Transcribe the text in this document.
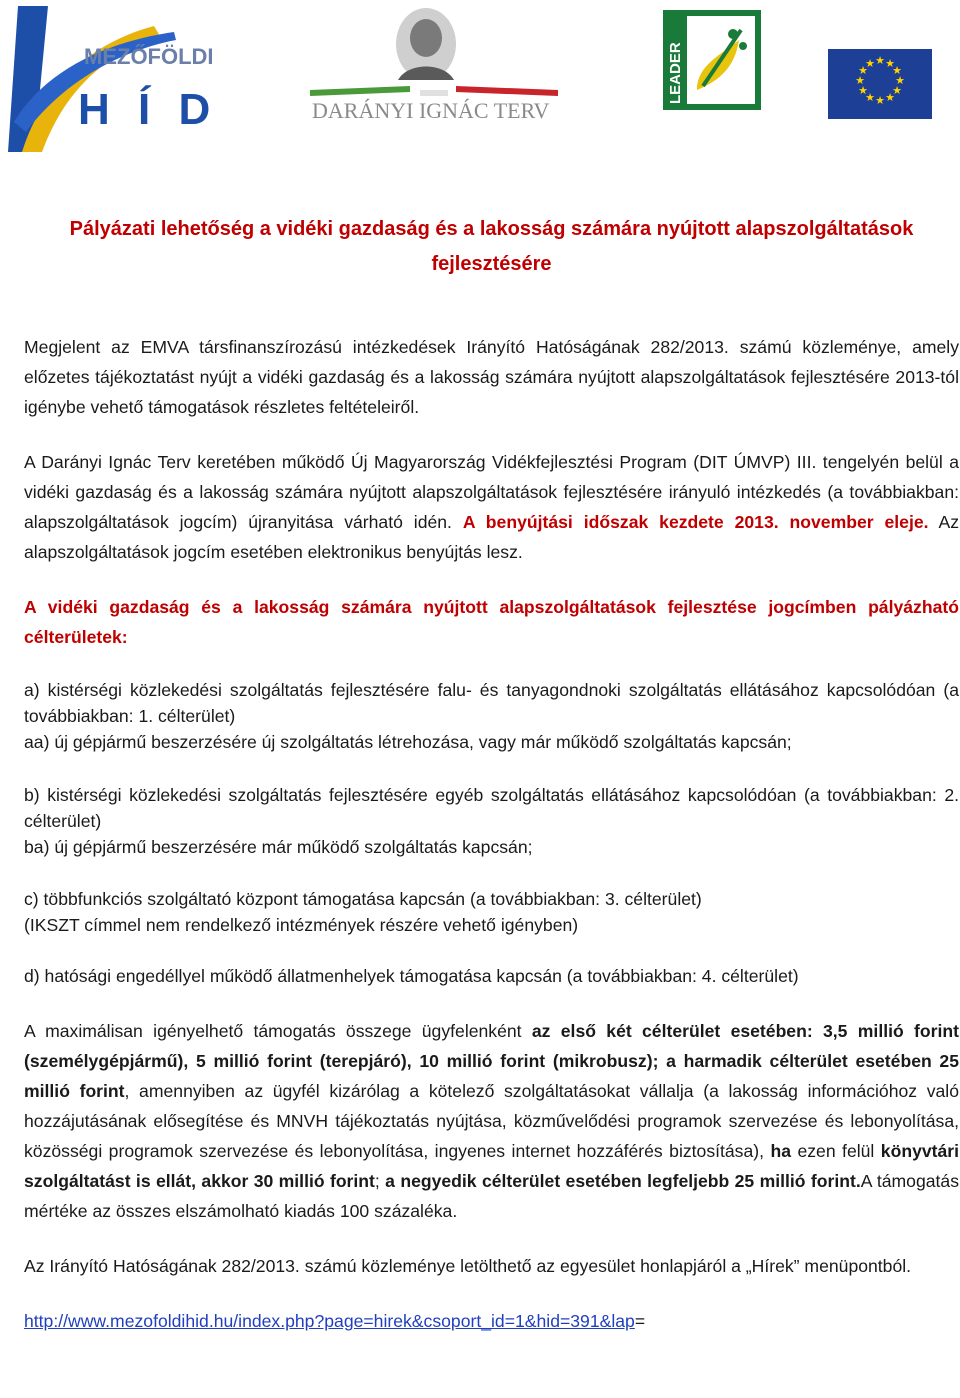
MEZŐFÖLDI
H Í D	DARÁNYI IGNÁC TERV
LEADER	★ ★
★
★
★
★
★
★
★
★
★
★
Pályázati lehetőség a vidéki gazdaság és a lakosság számára nyújtott alapszolgáltatások
fejlesztésére

Megjelent az EMVA társfinanszírozású intézkedések Irányító Hatóságának 282/2013. számú közleménye, amely előzetes tájékoztatást nyújt a vidéki gazdaság és a lakosság számára nyújtott alapszolgáltatások fejlesztésére 2013-tól igénybe vehető támogatások részletes feltételeiről.

A Darányi Ignác Terv keretében működő Új Magyarország Vidékfejlesztési Program (DIT ÚMVP) III. tengelyén belül a vidéki gazdaság és a lakosság számára nyújtott alapszolgáltatások fejlesztésére irányuló intézkedés (a továbbiakban: alapszolgáltatások jogcím) újranyitása várható idén. A benyújtási időszak kezdete 2013. november eleje. Az alapszolgáltatások jogcím esetében elektronikus benyújtás lesz.

A vidéki gazdaság és a lakosság számára nyújtott alapszolgáltatások fejlesztése jogcímben pályázható célterületek:

a) kistérségi közlekedési szolgáltatás fejlesztésére falu- és tanyagondnoki szolgáltatás ellátásához kapcsolódóan (a továbbiakban: 1. célterület)

aa) új gépjármű beszerzésére új szolgáltatás létrehozása, vagy már működő szolgáltatás kapcsán;

b) kistérségi közlekedési szolgáltatás fejlesztésére egyéb szolgáltatás ellátásához kapcsolódóan (a továbbiakban: 2. célterület)

ba) új gépjármű beszerzésére már működő szolgáltatás kapcsán;

c) többfunkciós szolgáltató központ támogatása kapcsán (a továbbiakban: 3. célterület)

(IKSZT címmel nem rendelkező intézmények részére vehető igényben)

d) hatósági engedéllyel működő állatmenhelyek támogatása kapcsán (a továbbiakban: 4. célterület)

A maximálisan igényelhető támogatás összege ügyfelenként az első két célterület esetében: 3,5 millió forint (személygépjármű), 5 millió forint (terepjáró), 10 millió forint (mikrobusz); a harmadik célterület esetében 25 millió forint, amennyiben az ügyfél kizárólag a kötelező szolgáltatásokat vállalja (a lakosság információhoz való hozzájutásának elősegítése és MNVH tájékoztatás nyújtása, közművelődési programok szervezése és lebonyolítása, közösségi programok szervezése és lebonyolítása, ingyenes internet hozzáférés biztosítása), ha ezen felül könyvtári szolgáltatást is ellát, akkor 30 millió forint; a negyedik célterület esetében legfeljebb 25 millió forint.A támogatás mértéke az összes elszámolható kiadás 100 százaléka.

Az Irányító Hatóságának 282/2013. számú közleménye letölthető az egyesület honlapjáról a „Hírek” menüpontból.

http://www.mezofoldihid.hu/index.php?page=hirek&csoport_id=1&hid=391&lap=
